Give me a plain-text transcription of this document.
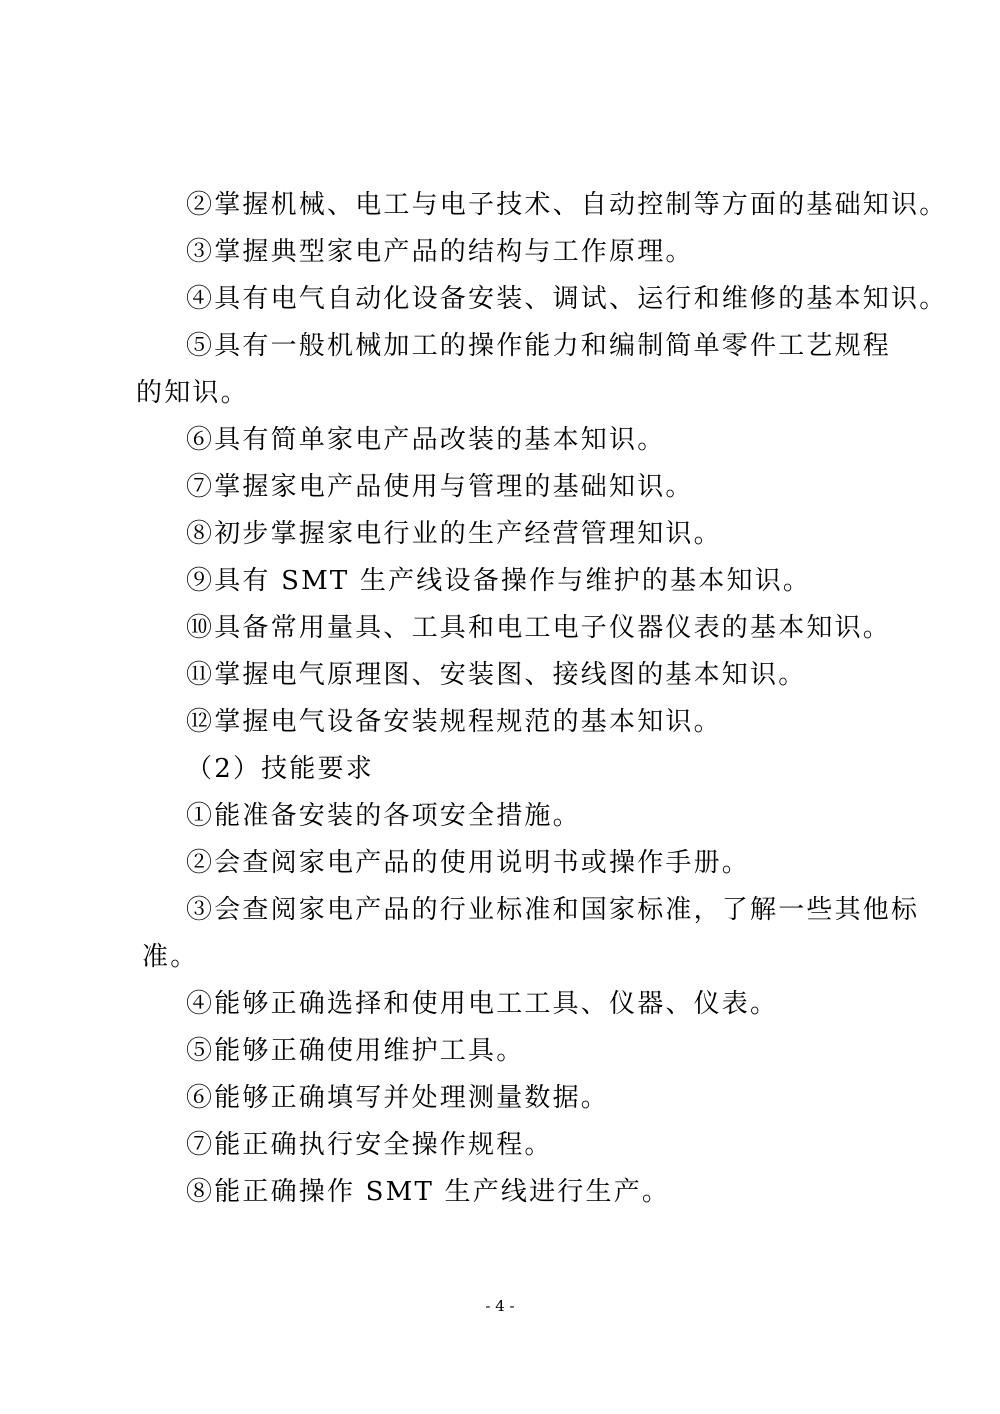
②掌握机械、电工与电子技术、自动控制等方面的基础知识。
③掌握典型家电产品的结构与工作原理。
④具有电气自动化设备安装、调试、运行和维修的基本知识。
⑤具有一般机械加工的操作能力和编制简单零件工艺规程
的知识。
⑥具有简单家电产品改装的基本知识。
⑦掌握家电产品使用与管理的基础知识。
⑧初步掌握家电行业的生产经营管理知识。
⑨具有 SMT 生产线设备操作与维护的基本知识。
⑩具备常用量具、工具和电工电子仪器仪表的基本知识。
⑪掌握电气原理图、安装图、接线图的基本知识。
⑫掌握电气设备安装规程规范的基本知识。
（2）技能要求
①能准备安装的各项安全措施。
②会查阅家电产品的使用说明书或操作手册。
③会查阅家电产品的行业标准和国家标准，了解一些其他标
准。
④能够正确选择和使用电工工具、仪器、仪表。
⑤能够正确使用维护工具。
⑥能够正确填写并处理测量数据。
⑦能正确执行安全操作规程。
⑧能正确操作 SMT 生产线进行生产。
- 4 -
